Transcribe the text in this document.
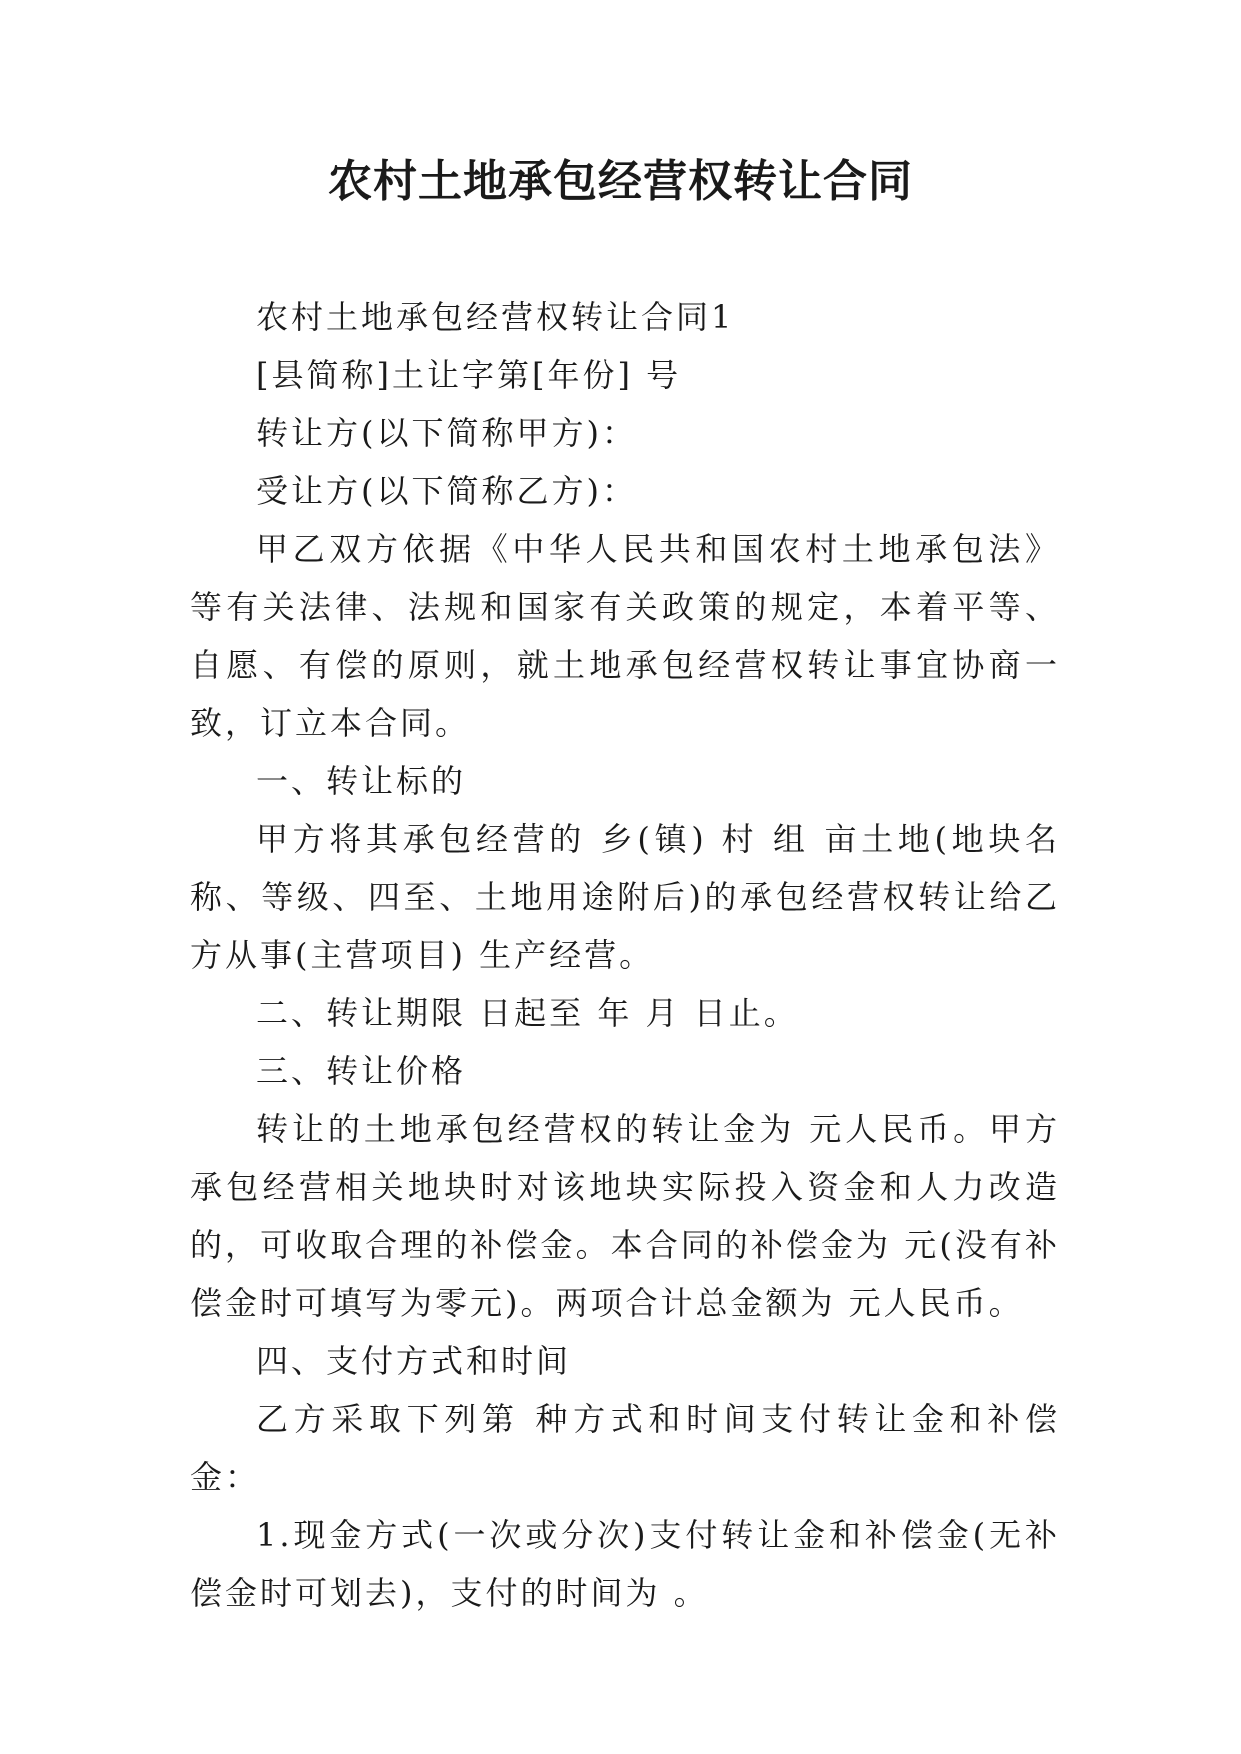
农村土地承包经营权转让合同

农村土地承包经营权转让合同1

[县简称]土让字第[年份] 号

转让方(以下简称甲方)：

受让方(以下简称乙方)：

甲乙双方依据《中华人民共和国农村土地承包法》等有关法律、法规和国家有关政策的规定，本着平等、自愿、有偿的原则，就土地承包经营权转让事宜协商一致，订立本合同。

一、转让标的

甲方将其承包经营的 乡(镇) 村 组 亩土地(地块名称、等级、四至、土地用途附后)的承包经营权转让给乙方从事(主营项目) 生产经营。

二、转让期限 日起至 年 月 日止。

三、转让价格

转让的土地承包经营权的转让金为 元人民币。甲方承包经营相关地块时对该地块实际投入资金和人力改造的，可收取合理的补偿金。本合同的补偿金为 元(没有补偿金时可填写为零元)。两项合计总金额为 元人民币。

四、支付方式和时间

乙方采取下列第 种方式和时间支付转让金和补偿金：

1.现金方式(一次或分次)支付转让金和补偿金(无补偿金时可划去)，支付的时间为 。
